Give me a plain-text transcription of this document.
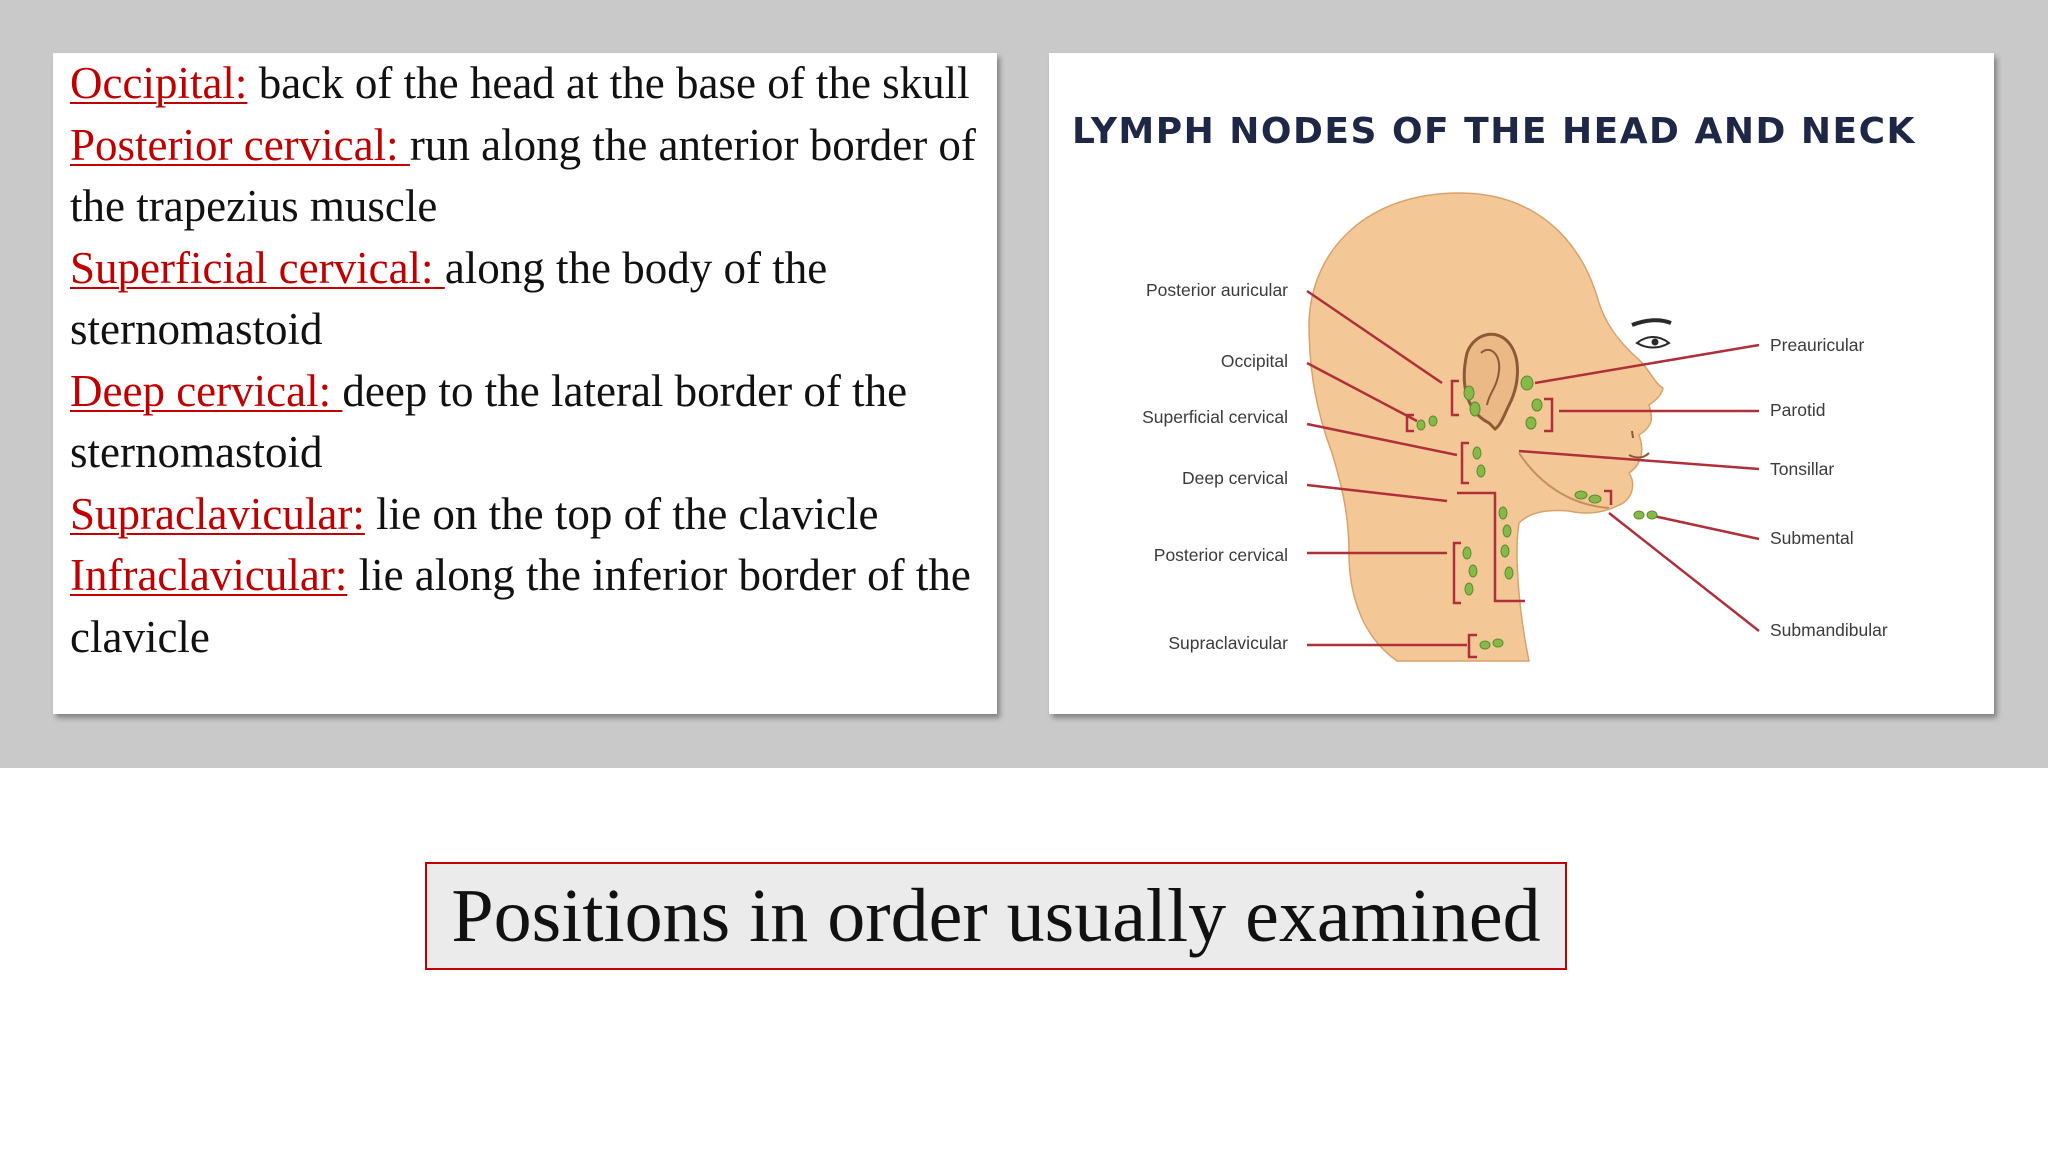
Occipital: back of the head at the base of the skull

Posterior cervical: run along the anterior border of the trapezius muscle

Superficial cervical: along the body of the sternomastoid

Deep cervical: deep to the lateral border of the sternomastoid

Supraclavicular: lie on the top of the clavicle

Infraclavicular: lie along the inferior border of the clavicle

LYMPH NODES OF THE HEAD AND NECK
Posterior auricular
Occipital
Superficial cervical
Deep cervical
Posterior cervical
Supraclavicular
Preauricular
Parotid
Tonsillar
Submental
Submandibular
Positions in order usually examined
